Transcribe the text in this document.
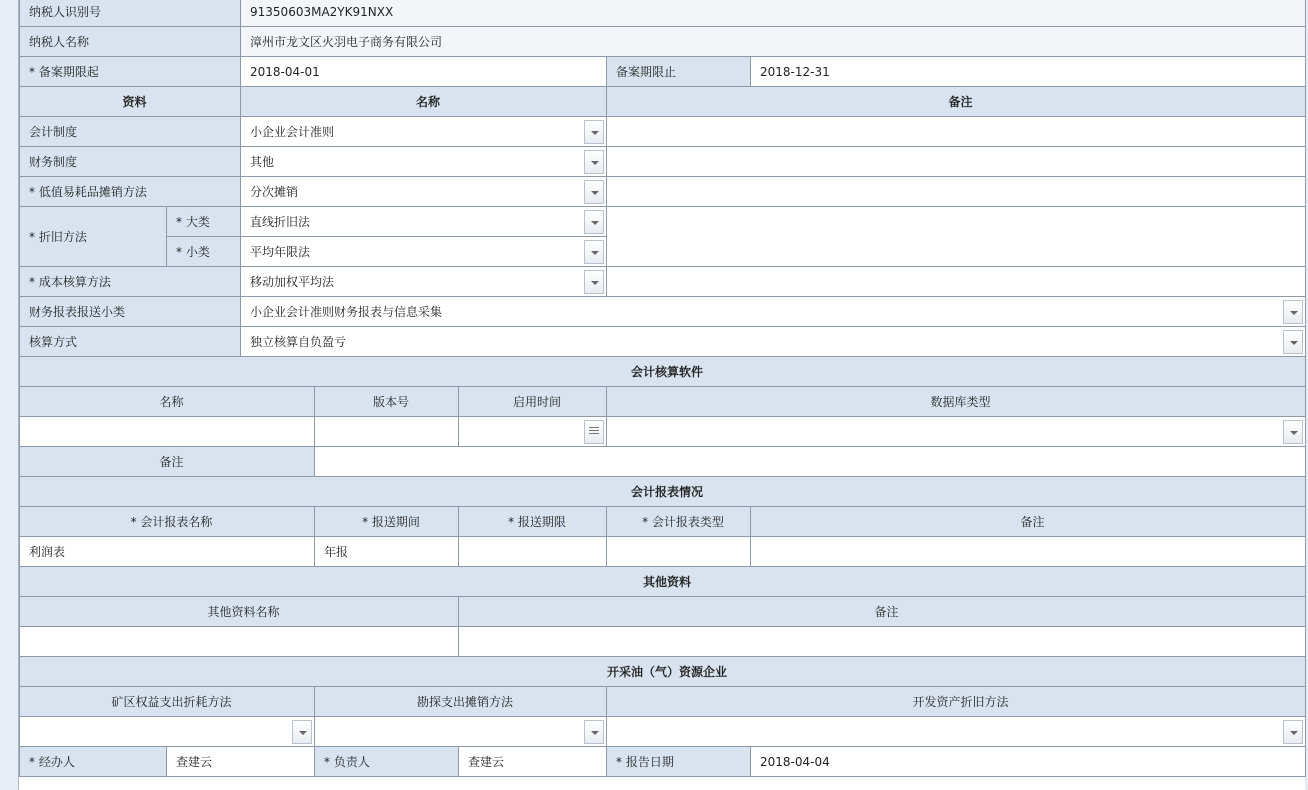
纳税人识别号		91350603MA2YK91NXX				
纳税人名称		漳州市龙文区火羽电子商务有限公司				
* 备案期限起		2018-04-01			备案期限止	2018-12-31
资料		名称			备注	
会计制度		小企业会计准则			

财务制度		其他			

* 低值易耗品摊销方法		分次摊销			

* 折旧方法	* 大类	直线折旧法			

	* 小类	平均年限法				

* 成本核算方法		移动加权平均法			

财务报表报送小类		小企业会计准则财务报表与信息采集				

核算方式		独立核算自负盈亏				

会计核算软件						
名称			版本号	启用时间	数据库类型	

备注						
会计报表情况						
* 会计报表名称			* 报送期间	* 报送期限	* 会计报表类型	备注
利润表			年报			
其他资料						
其他资料名称				备注		

开采油（气）资源企业						
矿区权益支出折耗方法			勘探支出摊销方法		开发资产折旧方法	

* 经办人	查建云		* 负责人	查建云	* 报告日期	2018-04-04
